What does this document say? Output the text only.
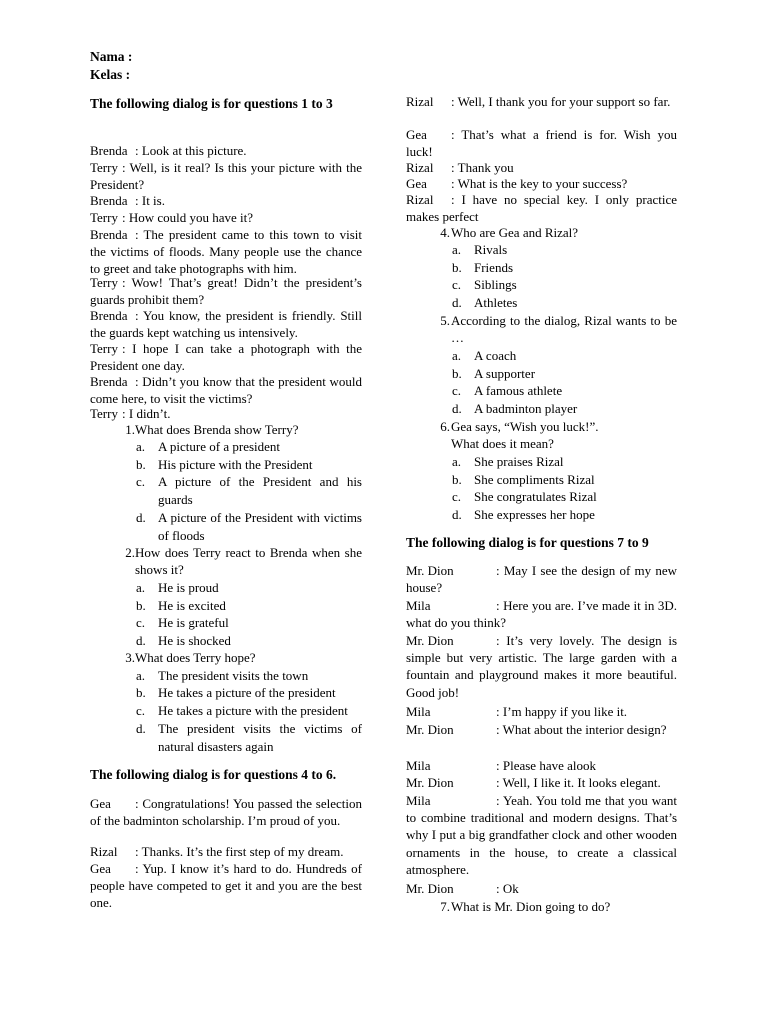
Nama :
Kelas :
The following dialog is for questions 1 to 3
Brenda : Look at this picture.
Terry : Well, is it real? Is this your picture with the President?
Brenda : It is.
Terry : How could you have it?
Brenda : The president came to this town to visit the victims of floods. Many people use the chance to greet and take photographs with him.
Terry : Wow! That’s great! Didn’t the president’s guards prohibit them?
Brenda : You know, the president is friendly. Still the guards kept watching us intensively.
Terry : I hope I can take a photograph with the President one day.
Brenda : Didn’t you know that the president would come here, to visit the victims?
Terry : I didn’t.
1. What does Brenda show Terry?
a. A picture of a president
b. His picture with the President
c. A picture of the President and his guards
d. A picture of the President with victims of floods
2. How does Terry react to Brenda when she shows it?
a. He is proud
b. He is excited
c. He is grateful
d. He is shocked
3. What does Terry hope?
a. The president visits the town
b. He takes a picture of the president
c. He takes a picture with the president
d. The president visits the victims of natural disasters again
The following dialog is for questions 4 to 6.
Gea : Congratulations! You passed the selection of the badminton scholarship. I’m proud of you.
Rizal : Thanks. It’s the first step of my dream.
Gea : Yup. I know it’s hard to do. Hundreds of people have competed to get it and you are the best one.
Rizal : Well, I thank you for your support so far.
Gea : That’s what a friend is for. Wish you luck!
Rizal : Thank you
Gea : What is the key to your success?
Rizal : I have no special key. I only practice makes perfect
4. Who are Gea and Rizal?
a. Rivals
b. Friends
c. Siblings
d. Athletes
5. According to the dialog, Rizal wants to be …
a. A coach
b. A supporter
c. A famous athlete
d. A badminton player
6. Gea says, “Wish you luck!”.
What does it mean?
a. She praises Rizal
b. She compliments Rizal
c. She congratulates Rizal
d. She expresses her hope
The following dialog is for questions 7 to 9
Mr. Dion	: May I see the design of my new house?
Mila	: Here you are. I’ve made it in 3D. what do you think?
Mr. Dion	: It’s very lovely. The design is simple but very artistic. The large garden with a fountain and playground makes it more beautiful. Good job!
Mila	: I’m happy if you like it.
Mr. Dion	: What about the interior design?
Mila	: Please have alook
Mr. Dion	: Well, I like it. It looks elegant.
Mila	: Yeah. You told me that you want to combine traditional and modern designs. That’s why I put a big grandfather clock and other wooden ornaments in the house, to create a classical atmosphere.
Mr. Dion	: Ok
7. What is Mr. Dion going to do?
